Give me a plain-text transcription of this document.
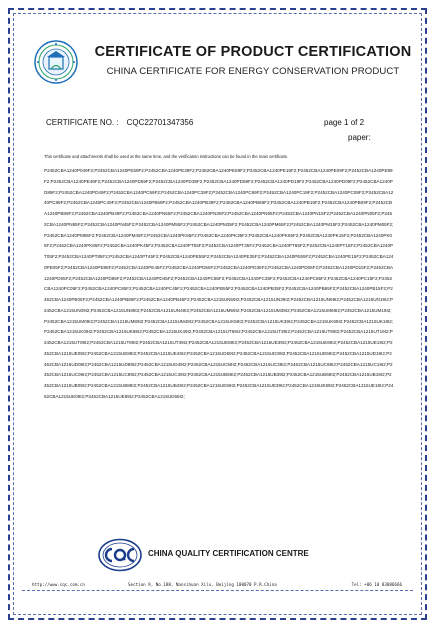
CERTIFICATE OF PRODUCT CERTIFICATION
CHINA CERTIFICATE FOR ENERGY CONSERVATION PRODUCT
CERTIFICATE NO. : CQC22701347356	page 1 of 2
paper:
This certificate and attachments shall be used at the same time, and the verification instructions can be found in the main certificate.
P2452CBA1240P049F2;P2452CBA1240PE59F2;P2452CBA1240PE39F2;P2452CBA1240PE69F2;P2452CBA1240PE19F2;P2452CBA1240PE09F2;P2452CBA1240PE89F2;P2452CBA1240PE49F2;P2452CBA1240PD59F2;P2452CBA1240PD39F2;P2452CBA1240PD69F2;P2452CBA1240PD19F2;P2452CBA1240PD09F2;P2452CBA1240PD89F2;P2452CBA1240PD49F2;P2452CBA1240PC59F2;P2452CBA1240PC39F2;P2452CBA1240PC69F2;P2452CBA1240PC19F2;P2452CBA1240PC09F2;P2452CBA1240PC89F2;P2452CBA1240PC49F2;P2452CBA1240PB59F2;P2452CBA1240PB39F2;P2452CBA1240PB69F2;P2452CBA1240PB19F2;P2452CBA1240PB09F2;P2452CBA1240PB89F2;P2452CBA1240PB49F2;P2452CBA1240PN55F2;P2452CBA1240PN35F2;P2452CBA1240PN65F2;P2452CBA1240PN15F2;P2452CBA1240PN05F2;P2452CBA1240PN85F2;P2452CBA1240PN45F2;P2452CBA1240PM55F2;P2452CBA1240PM35F2;P2452CBA1240PM65F2;P2452CBA1240PM15F2;P2452CBA1240PM05F2;P2452CBA1240PM85F2;P2452CBA1240PM45F2;P2452CBA1240PK55F2;P2452CBA1240PK35F2;P2452CBA1240PK65F2;P2452CBA1240PK15F2;P2452CBA1240PK05F2;P2452CBA1240PK85F2;P2452CBA1240PK45F2;P2452CBA1240PT55F2;P2452CBA1240PT35F2;P2452CBA1240PT65F2;P2452CBA1240PT15F2;P2452CBA1240PT05F2;P2452CBA1240PT85F2;P2452CBA1240PT45F2;P2452CBA1240PE55F2;P2452CBA1240PE35F2;P2452CBA1240PE65F2;P2452CBA1240PE15F2;P2452CBA1240PE05F2;P2452CBA1240PE85F2;P2452CBA1240PE45F2;P2452CBA1240PD55F2;P2452CBA1240PD35F2;P2452CBA1240PD65F2;P2452CBA1240PD15F2;P2452CBA1240PD05F2;P2452CBA1240PD85F2;P2452CBA1240PD45F2;P2452CBA1240PC55F2;P2452CBA1240PC35F2;P2452CBA1240PC65F2;P2452CBA1240PC15F2;P2452CBA1240PC05F2;P2452CBA1240PC85F2;P2452CBA1240PC45F2;P2452CBA1240PB55F2;P2452CBA1240PB35F2;P2452CBA1240PB65F2;P2452CBA1240PB15F2;P2452CBA1240PB05F2;P2452CBA1240PB85F2;P2452CBA1240PB45F2;P2452CBA1215UN59I2;P2452CBA1215UN39I2;P2452CBA1215UN69I2;P2452CBA1215UN19I2;P2452CBA1215UN09I2;P2452CBA1215UN89I2;P2452CBA1215UN49I2;P2452CBA1215UM59I2;P2452CBA1215UM39I2;P2452CBA1215UM69I2;P2452CBA1215UM19I2;P2452CBA1215UM09I2;P2452CBA1215UM89I2;P2452CBA1215UM49I2;P2452CBA1215UK59I2;P2452CBA1215UK39I2;P2452CBA1215UK69I2;P2452CBA1215UK19I2;P2452CBA1215UK09I2;P2452CBA1215UK89I2;P2452CBA1215UK49I2;P2452CBA1215UT59I2;P2452CBA1215UT39I2;P2452CBA1215UT69I2;P2452CBA1215UT19I2;P2452CBA1215UT09I2;P2452CBA1215UT89I2;P2452CBA1215UT49I2;P2452CBA1215UE59I2;P2452CBA1215UE39I2;P2452CBA1215UE69I2;P2452CBA1215UE19I2;P2452CBA1215UE09I2;P2452CBA1215UE89I2;P2452CBA1215UE49I2;P2452CBA1215UD59I2;P2452CBA1215UD39I2;P2452CBA1215UD69I2;P2452CBA1215UD19I2;P2452CBA1215UD09I2;P2452CBA1215UD89I2;P2452CBA1215UD49I2;P2452CBA1215UC59I2;P2452CBA1215UC39I2;P2452CBA1215UC69I2;P2452CBA1215UC19I2;P2452CBA1215UC09I2;P2452CBA1215UC89I2;P2452CBA1215UC49I2;P2452CBA1215UB59I2;P2452CBA1215UB39I2;P2452CBA1215UB69I2;P2452CBA1215UB19I2;P2452CBA1215UB09I2;P2452CBA1215UB89I2;P2452CBA1215UB49I2;P2452CBA1215UE59I2;P2452CBA1215UE39I2;P2452CBA1215UE69I2;P2452CBA1215UE19I2;P2452CBA1215UE09I2;P2452CBA1215UE89I2;P2452CBA1215UD59I2;
CHINA QUALITY CERTIFICATION CENTRE
http://www.cqc.com.cn	Section 9, No.188, Nansihuan Xilu, Beijing 100070 P.R.China	Tel: +86 10 83886666
